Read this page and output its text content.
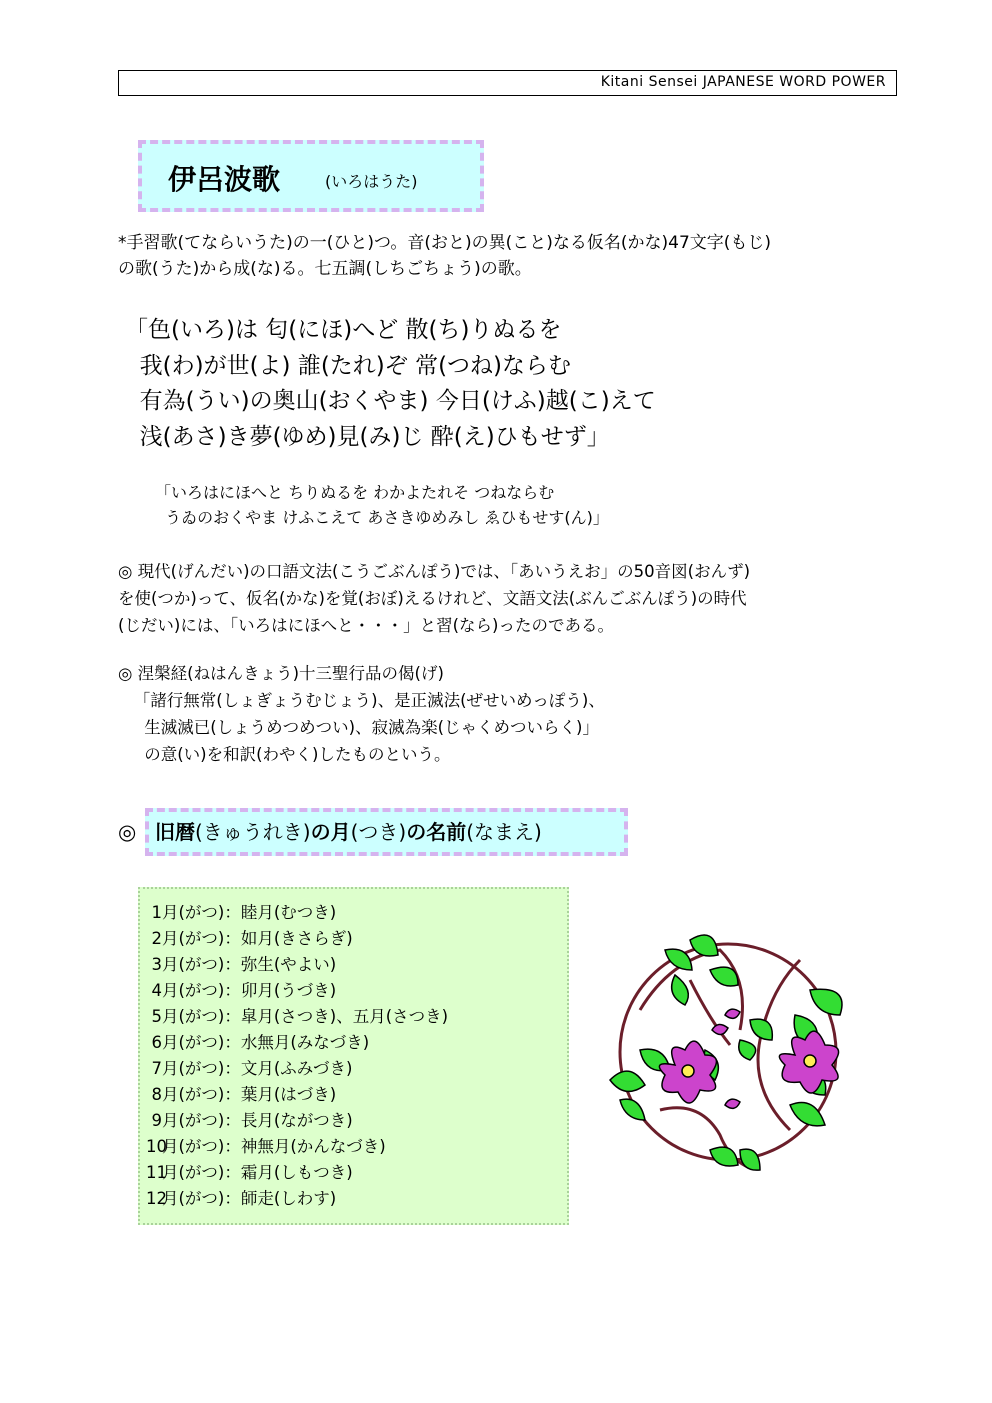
Kitani Sensei JAPANESE WORD POWER
伊呂波歌	(いろはうた)
*手習歌(てならいうた)の一(ひと)つ。音(おと)の異(こと)なる仮名(かな)47文字(もじ)
の歌(うた)から成(な)る。七五調(しちごちょう)の歌。
「色(いろ)は 匂(にほ)へど 散(ち)りぬるを
我(わ)が世(よ) 誰(たれ)ぞ 常(つね)ならむ
有為(うい)の奥山(おくやま) 今日(けふ)越(こ)えて
浅(あさ)き夢(ゆめ)見(み)じ 酔(え)ひもせず」
「いろはにほへと ちりぬるを わかよたれそ つねならむ
うゐのおくやま けふこえて あさきゆめみし ゑひもせす(ん)」
◎ 現代(げんだい)の口語文法(こうごぶんぽう)では、「あいうえお」の50音図(おんず)
を使(つか)って、仮名(かな)を覚(おぼ)えるけれど、文語文法(ぶんごぶんぽう)の時代
(じだい)には、「いろはにほへと・・・」と習(なら)ったのである。
◎ 涅槃経(ねはんきょう)十三聖行品の偈(げ)
「諸行無常(しょぎょうむじょう)、是正滅法(ぜせいめっぽう)、
生滅滅已(しょうめつめつい)、寂滅為楽(じゃくめついらく)」
の意(い)を和訳(わやく)したものという。
◎ 旧暦(きゅうれき)の月(つき)の名前(なまえ)
1月(がつ)：睦月(むつき)
2月(がつ)：如月(きさらぎ)
3月(がつ)：弥生(やよい)
4月(がつ)：卯月(うづき)
5月(がつ)：皐月(さつき)、五月(さつき)
6月(がつ)：水無月(みなづき)
7月(がつ)：文月(ふみづき)
8月(がつ)：葉月(はづき)
9月(がつ)：長月(ながつき)
10月(がつ)：神無月(かんなづき)
11月(がつ)：霜月(しもつき)
12月(がつ)：師走(しわす)
